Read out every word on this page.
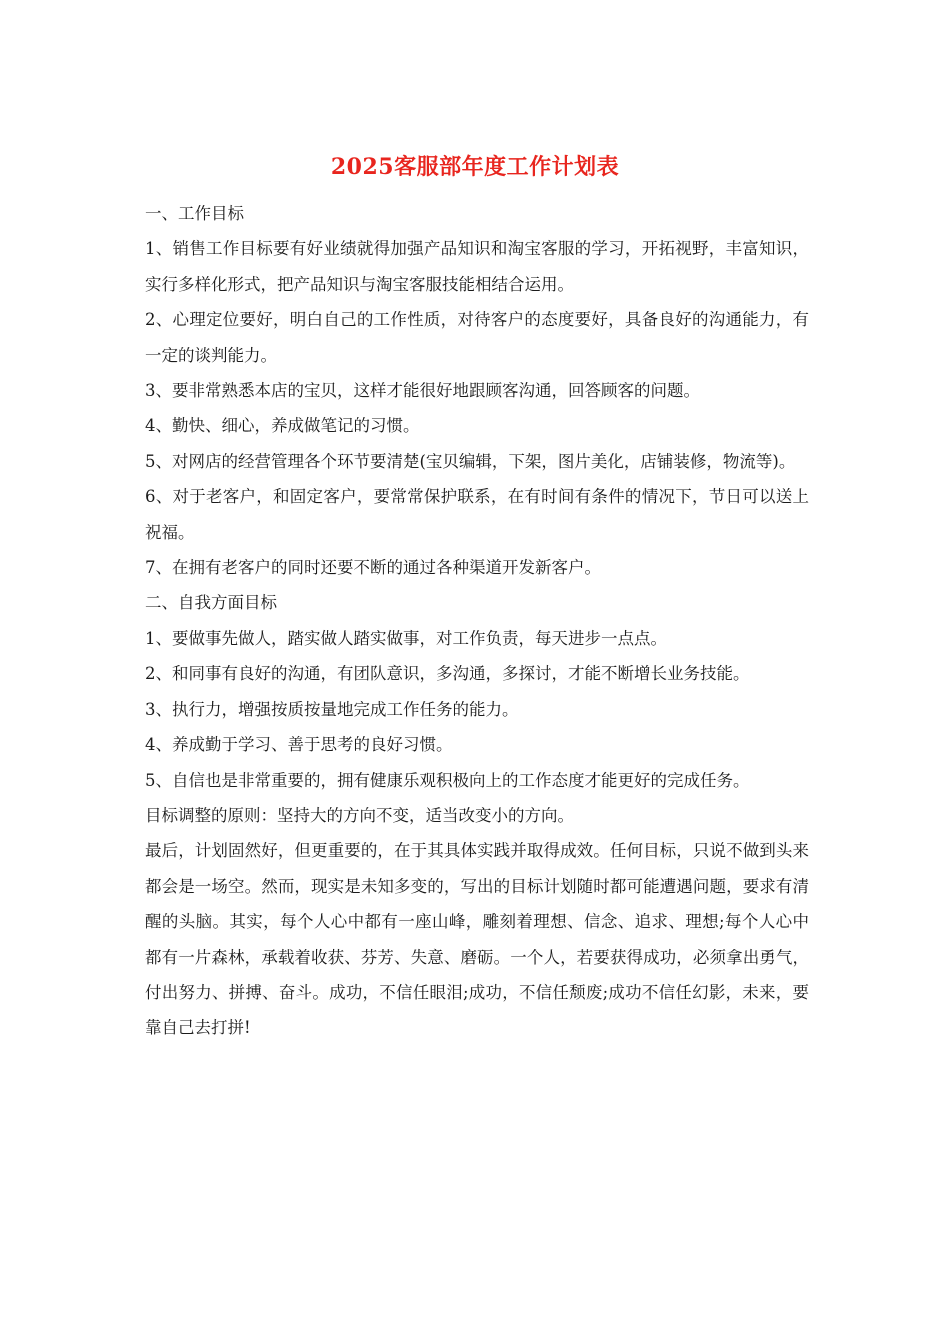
2025客服部年度工作计划表

一、工作目标

1、销售工作目标要有好业绩就得加强产品知识和淘宝客服的学习，开拓视野，丰富知识，实行多样化形式，把产品知识与淘宝客服技能相结合运用。

2、心理定位要好，明白自己的工作性质，对待客户的态度要好，具备良好的沟通能力，有一定的谈判能力。

3、要非常熟悉本店的宝贝，这样才能很好地跟顾客沟通，回答顾客的问题。

4、勤快、细心，养成做笔记的习惯。

5、对网店的经营管理各个环节要清楚(宝贝编辑，下架，图片美化，店铺装修，物流等)。

6、对于老客户，和固定客户，要常常保护联系，在有时间有条件的情况下，节日可以送上祝福。

7、在拥有老客户的同时还要不断的通过各种渠道开发新客户。

二、自我方面目标

1、要做事先做人，踏实做人踏实做事，对工作负责，每天进步一点点。

2、和同事有良好的沟通，有团队意识，多沟通，多探讨，才能不断增长业务技能。

3、执行力，增强按质按量地完成工作任务的能力。

4、养成勤于学习、善于思考的良好习惯。

5、自信也是非常重要的，拥有健康乐观积极向上的工作态度才能更好的完成任务。

目标调整的原则：坚持大的方向不变，适当改变小的方向。

最后，计划固然好，但更重要的，在于其具体实践并取得成效。任何目标，只说不做到头来都会是一场空。然而，现实是未知多变的，写出的目标计划随时都可能遭遇问题，要求有清醒的头脑。其实，每个人心中都有一座山峰，雕刻着理想、信念、追求、理想;每个人心中都有一片森林，承载着收获、芬芳、失意、磨砺。一个人，若要获得成功，必须拿出勇气，付出努力、拼搏、奋斗。成功，不信任眼泪;成功，不信任颓废;成功不信任幻影，未来，要靠自己去打拼!
